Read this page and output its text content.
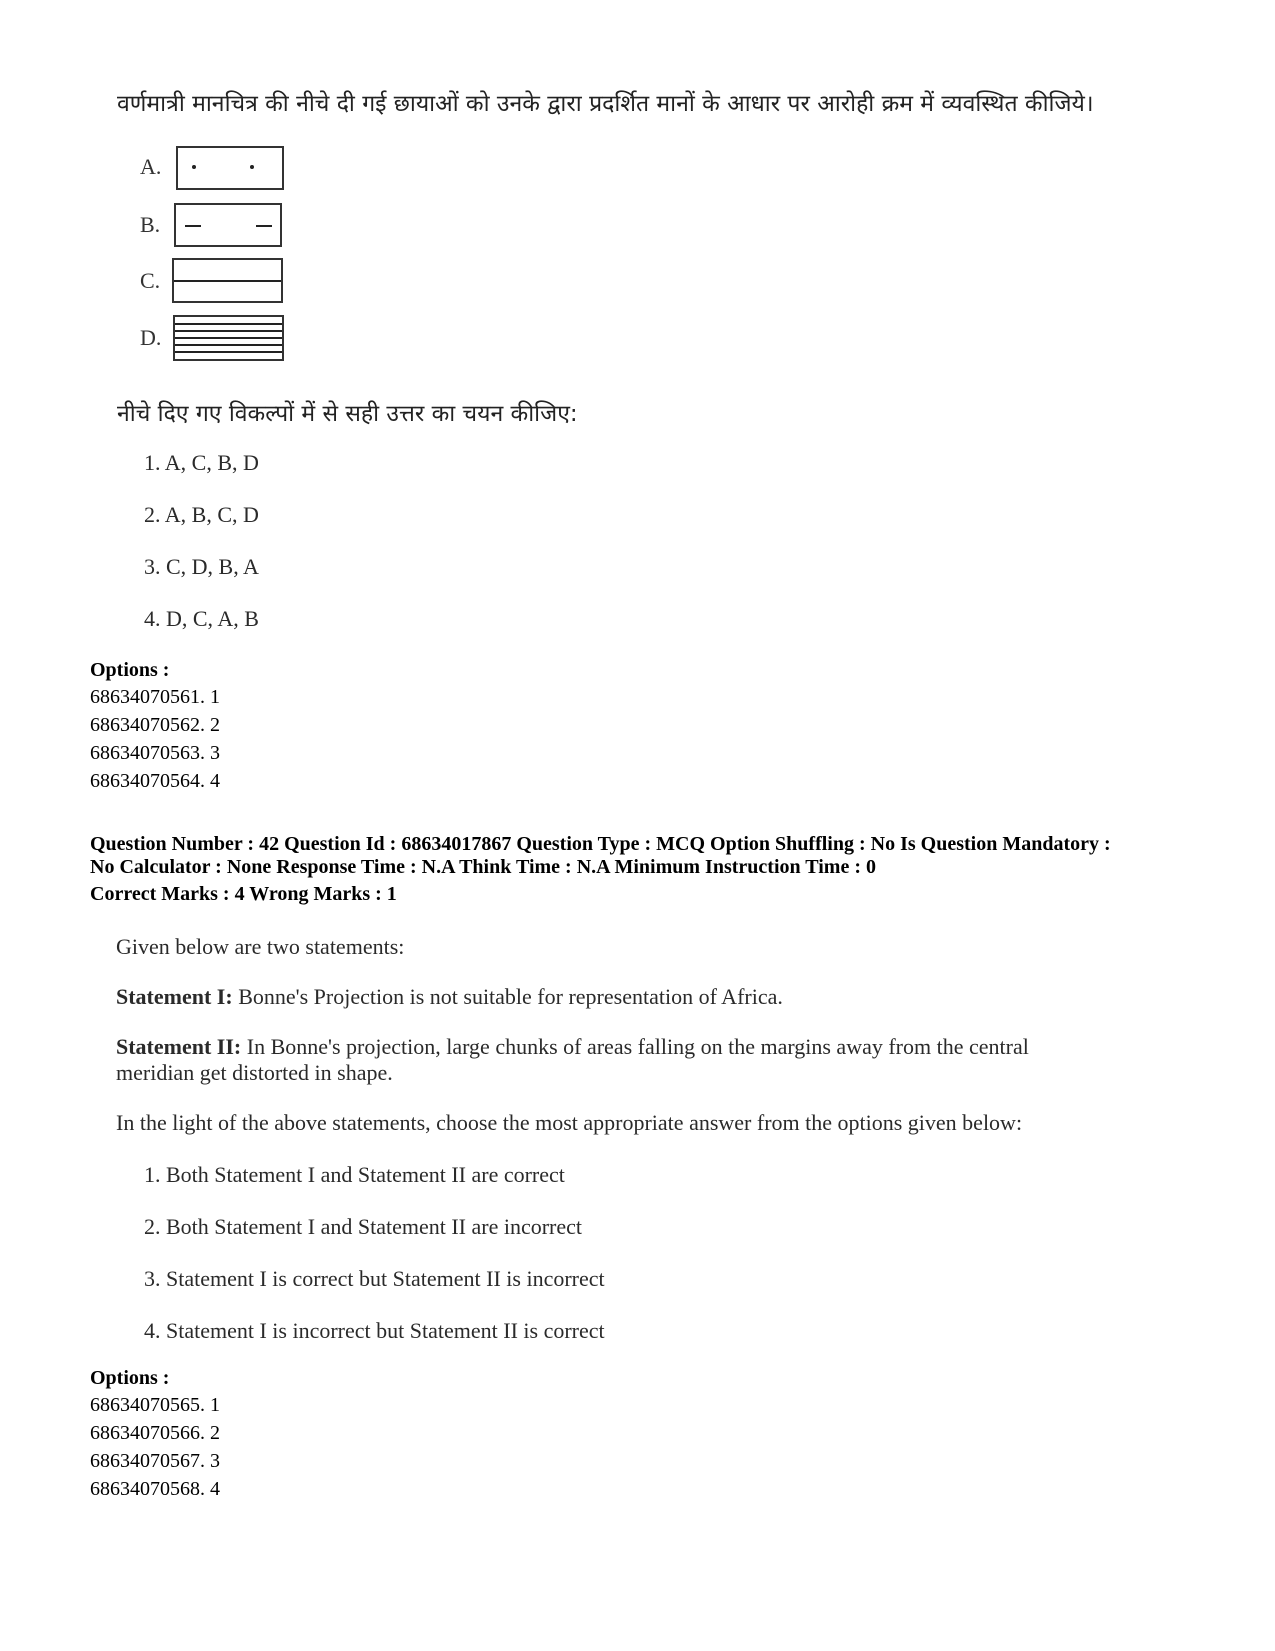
वर्णमात्री मानचित्र की नीचे दी गई छायाओं को उनके द्वारा प्रदर्शित मानों के आधार पर आरोही क्रम में व्यवस्थित कीजिये।
A.
B.
C.
D.
नीचे दिए गए विकल्पों में से सही उत्तर का चयन कीजिए:
1. A, C, B, D
2. A, B, C, D
3. C, D, B, A
4. D, C, A, B
Options :
68634070561. 1
68634070562. 2
68634070563. 3
68634070564. 4
Question Number : 42 Question Id : 68634017867 Question Type : MCQ Option Shuffling : No Is Question Mandatory :
No Calculator : None Response Time : N.A Think Time : N.A Minimum Instruction Time : 0
Correct Marks : 4 Wrong Marks : 1
Given below are two statements:
Statement I: Bonne's Projection is not suitable for representation of Africa.
Statement II: In Bonne's projection, large chunks of areas falling on the margins away from the central
meridian get distorted in shape.
In the light of the above statements, choose the most appropriate answer from the options given below:
1. Both Statement I and Statement II are correct
2. Both Statement I and Statement II are incorrect
3. Statement I is correct but Statement II is incorrect
4. Statement I is incorrect but Statement II is correct
Options :
68634070565. 1
68634070566. 2
68634070567. 3
68634070568. 4
